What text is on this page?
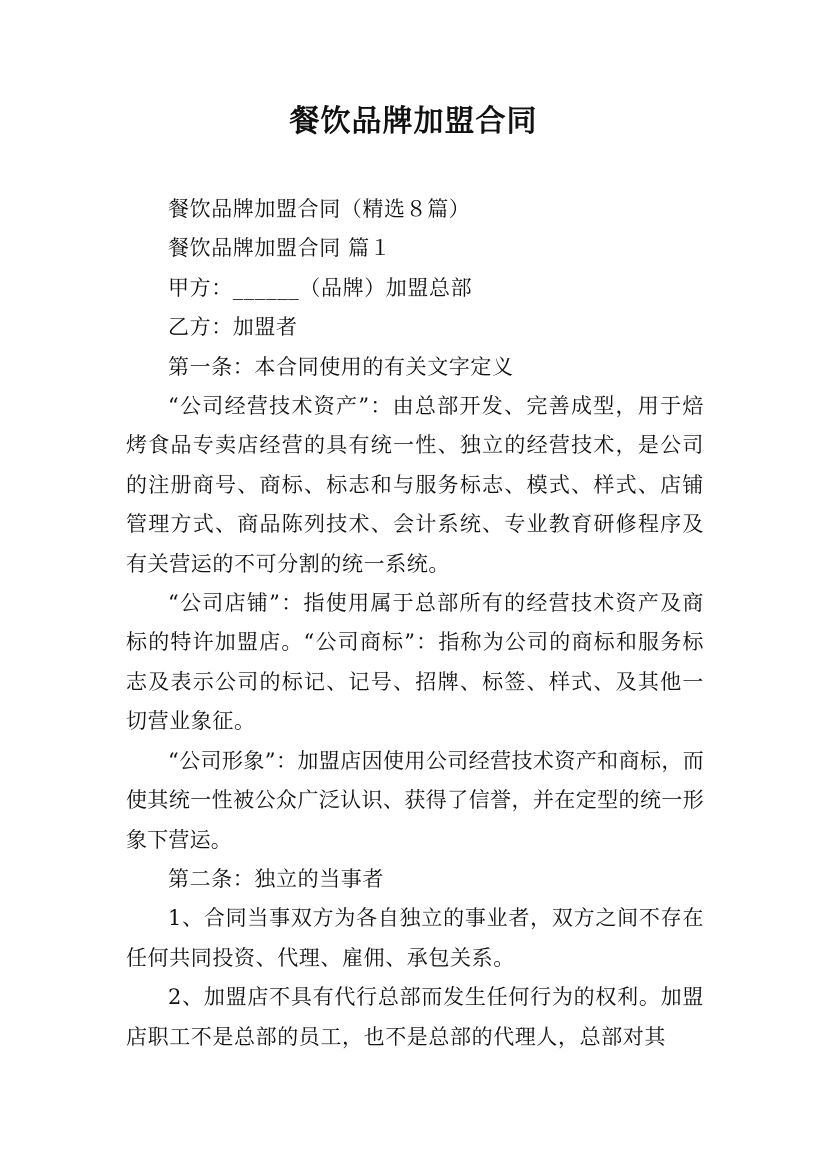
餐饮品牌加盟合同

餐饮品牌加盟合同（精选８篇）

餐饮品牌加盟合同 篇１

甲方：______（品牌）加盟总部

乙方：加盟者

第一条：本合同使用的有关文字定义

“公司经营技术资产”：由总部开发、完善成型，用于焙烤食品专卖店经营的具有统一性、独立的经营技术，是公司的注册商号、商标、标志和与服务标志、模式、样式、店铺管理方式、商品陈列技术、会计系统、专业教育研修程序及有关营运的不可分割的统一系统。

“公司店铺”：指使用属于总部所有的经营技术资产及商标的特许加盟店。“公司商标”：指称为公司的商标和服务标志及表示公司的标记、记号、招牌、标签、样式、及其他一切营业象征。

“公司形象”：加盟店因使用公司经营技术资产和商标，而使其统一性被公众广泛认识、获得了信誉，并在定型的统一形象下营运。

第二条：独立的当事者

1、合同当事双方为各自独立的事业者，双方之间不存在任何共同投资、代理、雇佣、承包关系。

2、加盟店不具有代行总部而发生任何行为的权利。加盟店职工不是总部的员工，也不是总部的代理人，总部对其
